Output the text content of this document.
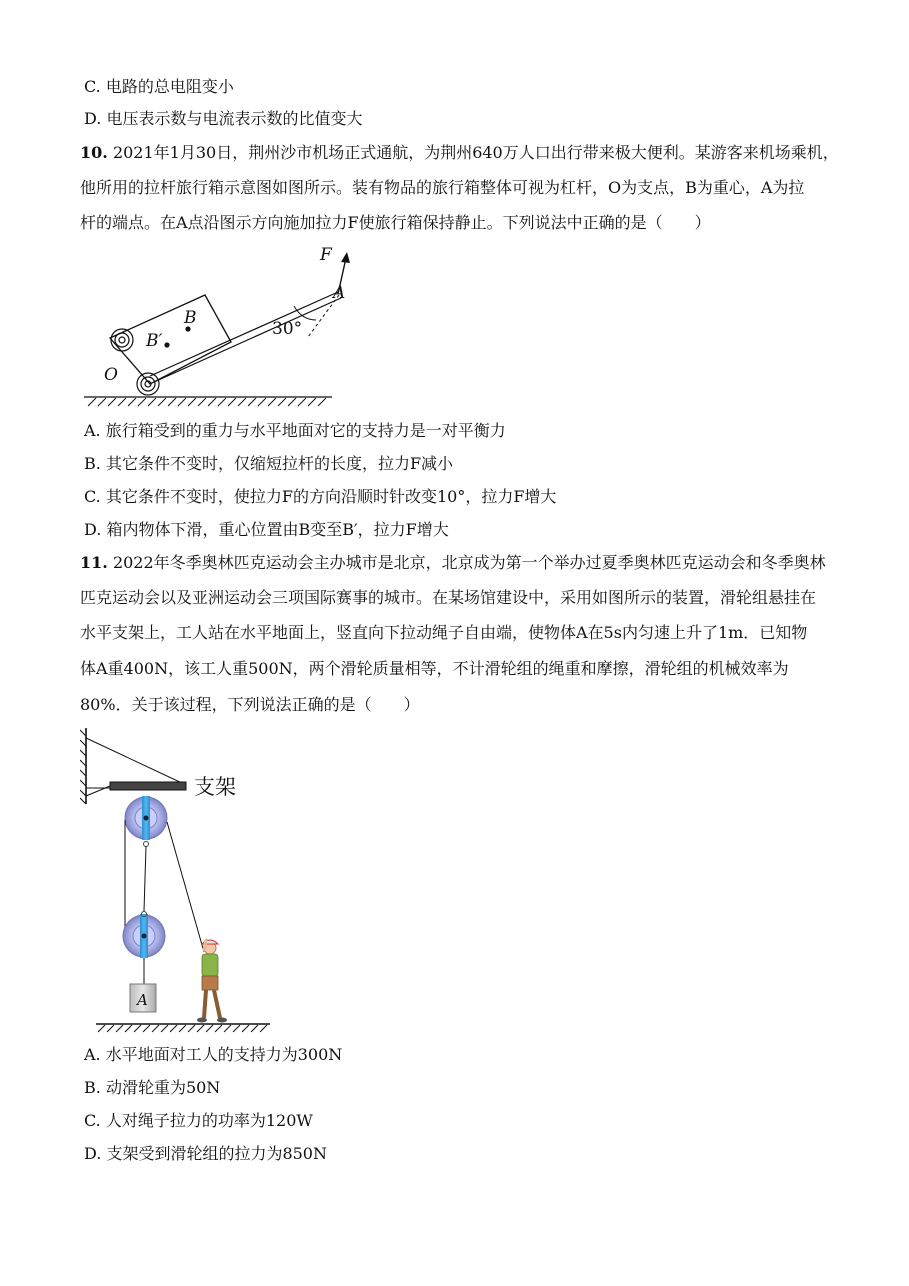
C. 电路的总电阻变小
D. 电压表示数与电流表示数的比值变大
10. 2021年1月30日，荆州沙市机场正式通航，为荆州640万人口出行带来极大便利。某游客来机场乘机，
他所用的拉杆旅行箱示意图如图所示。装有物品的旅行箱整体可视为杠杆，O为支点，B为重心，A为拉
杆的端点。在A点沿图示方向施加拉力F使旅行箱保持静止。下列说法中正确的是（　　）
F
A
30°
B
B′
O
A. 旅行箱受到的重力与水平地面对它的支持力是一对平衡力
B. 其它条件不变时，仅缩短拉杆的长度，拉力F减小
C. 其它条件不变时，使拉力F的方向沿顺时针改变10°，拉力F增大
D. 箱内物体下滑，重心位置由B变至B′，拉力F增大
11. 2022年冬季奥林匹克运动会主办城市是北京，北京成为第一个举办过夏季奥林匹克运动会和冬季奥林
匹克运动会以及亚洲运动会三项国际赛事的城市。在某场馆建设中，采用如图所示的装置，滑轮组悬挂在
水平支架上，工人站在水平地面上，竖直向下拉动绳子自由端，使物体A在5s内匀速上升了1m．已知物
体A重400N，该工人重500N，两个滑轮质量相等，不计滑轮组的绳重和摩擦，滑轮组的机械效率为
80%．关于该过程，下列说法正确的是（　　）
支架
A
A. 水平地面对工人的支持力为300N
B. 动滑轮重为50N
C. 人对绳子拉力的功率为120W
D. 支架受到滑轮组的拉力为850N
